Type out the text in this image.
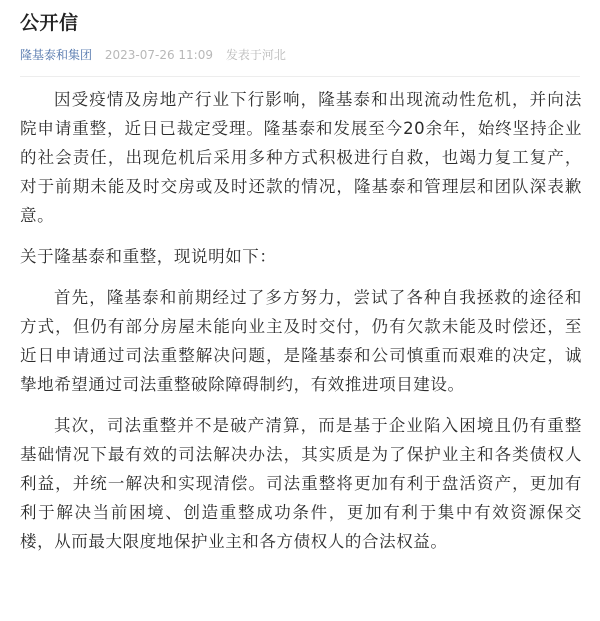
公开信
隆基泰和集团 2023-07-26 11:09 发表于河北

因受疫情及房地产行业下行影响，隆基泰和出现流动性危机，并向法院申请重整，近日已裁定受理。隆基泰和发展至今20余年，始终坚持企业的社会责任，出现危机后采用多种方式积极进行自救，也竭力复工复产，对于前期未能及时交房或及时还款的情况，隆基泰和管理层和团队深表歉意。

关于隆基泰和重整，现说明如下：

首先，隆基泰和前期经过了多方努力，尝试了各种自我拯救的途径和方式，但仍有部分房屋未能向业主及时交付，仍有欠款未能及时偿还，至近日申请通过司法重整解决问题，是隆基泰和公司慎重而艰难的决定，诚挚地希望通过司法重整破除障碍制约，有效推进项目建设。

其次，司法重整并不是破产清算，而是基于企业陷入困境且仍有重整基础情况下最有效的司法解决办法，其实质是为了保护业主和各类债权人利益，并统一解决和实现清偿。司法重整将更加有利于盘活资产，更加有利于解决当前困境、创造重整成功条件，更加有利于集中有效资源保交楼，从而最大限度地保护业主和各方债权人的合法权益。
